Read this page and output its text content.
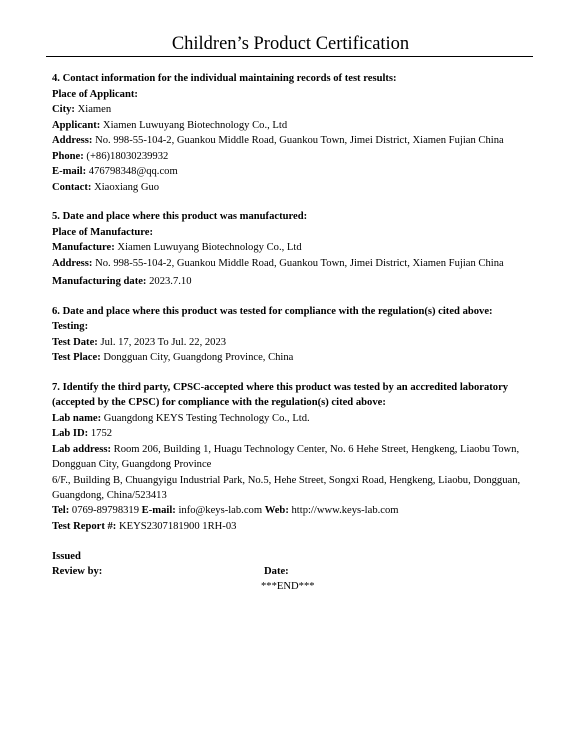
Children’s Product Certification
4. Contact information for the individual maintaining records of test results:
Place of Applicant:
City: Xiamen
Applicant: Xiamen Luwuyang Biotechnology Co., Ltd
Address: No. 998-55-104-2, Guankou Middle Road, Guankou Town, Jimei District, Xiamen Fujian China
Phone: (+86)18030239932
E-mail: 476798348@qq.com
Contact: Xiaoxiang Guo
5. Date and place where this product was manufactured:
Place of Manufacture:
Manufacture: Xiamen Luwuyang Biotechnology Co., Ltd
Address: No. 998-55-104-2, Guankou Middle Road, Guankou Town, Jimei District, Xiamen Fujian China
Manufacturing date: 2023.7.10
6. Date and place where this product was tested for compliance with the regulation(s) cited above:
Testing:
Test Date: Jul. 17, 2023 To Jul. 22, 2023
Test Place: Dongguan City, Guangdong Province, China
7. Identify the third party, CPSC-accepted where this product was tested by an accredited laboratory
(accepted by the CPSC) for compliance with the regulation(s) cited above:
Lab name: Guangdong KEYS Testing Technology Co., Ltd.
Lab ID: 1752
Lab address: Room 206, Building 1, Huagu Technology Center, No. 6 Hehe Street, Hengkeng, Liaobu Town,
Dongguan City, Guangdong Province
6/F., Building B, Chuangyigu Industrial Park, No.5, Hehe Street, Songxi Road, Hengkeng, Liaobu, Dongguan,
Guangdong, China/523413
Tel: 0769-89798319 E-mail: info@keys-lab.com Web: http://www.keys-lab.com
Test Report #: KEYS2307181900 1RH-03
Issued
Review by:	Date:
***END***
